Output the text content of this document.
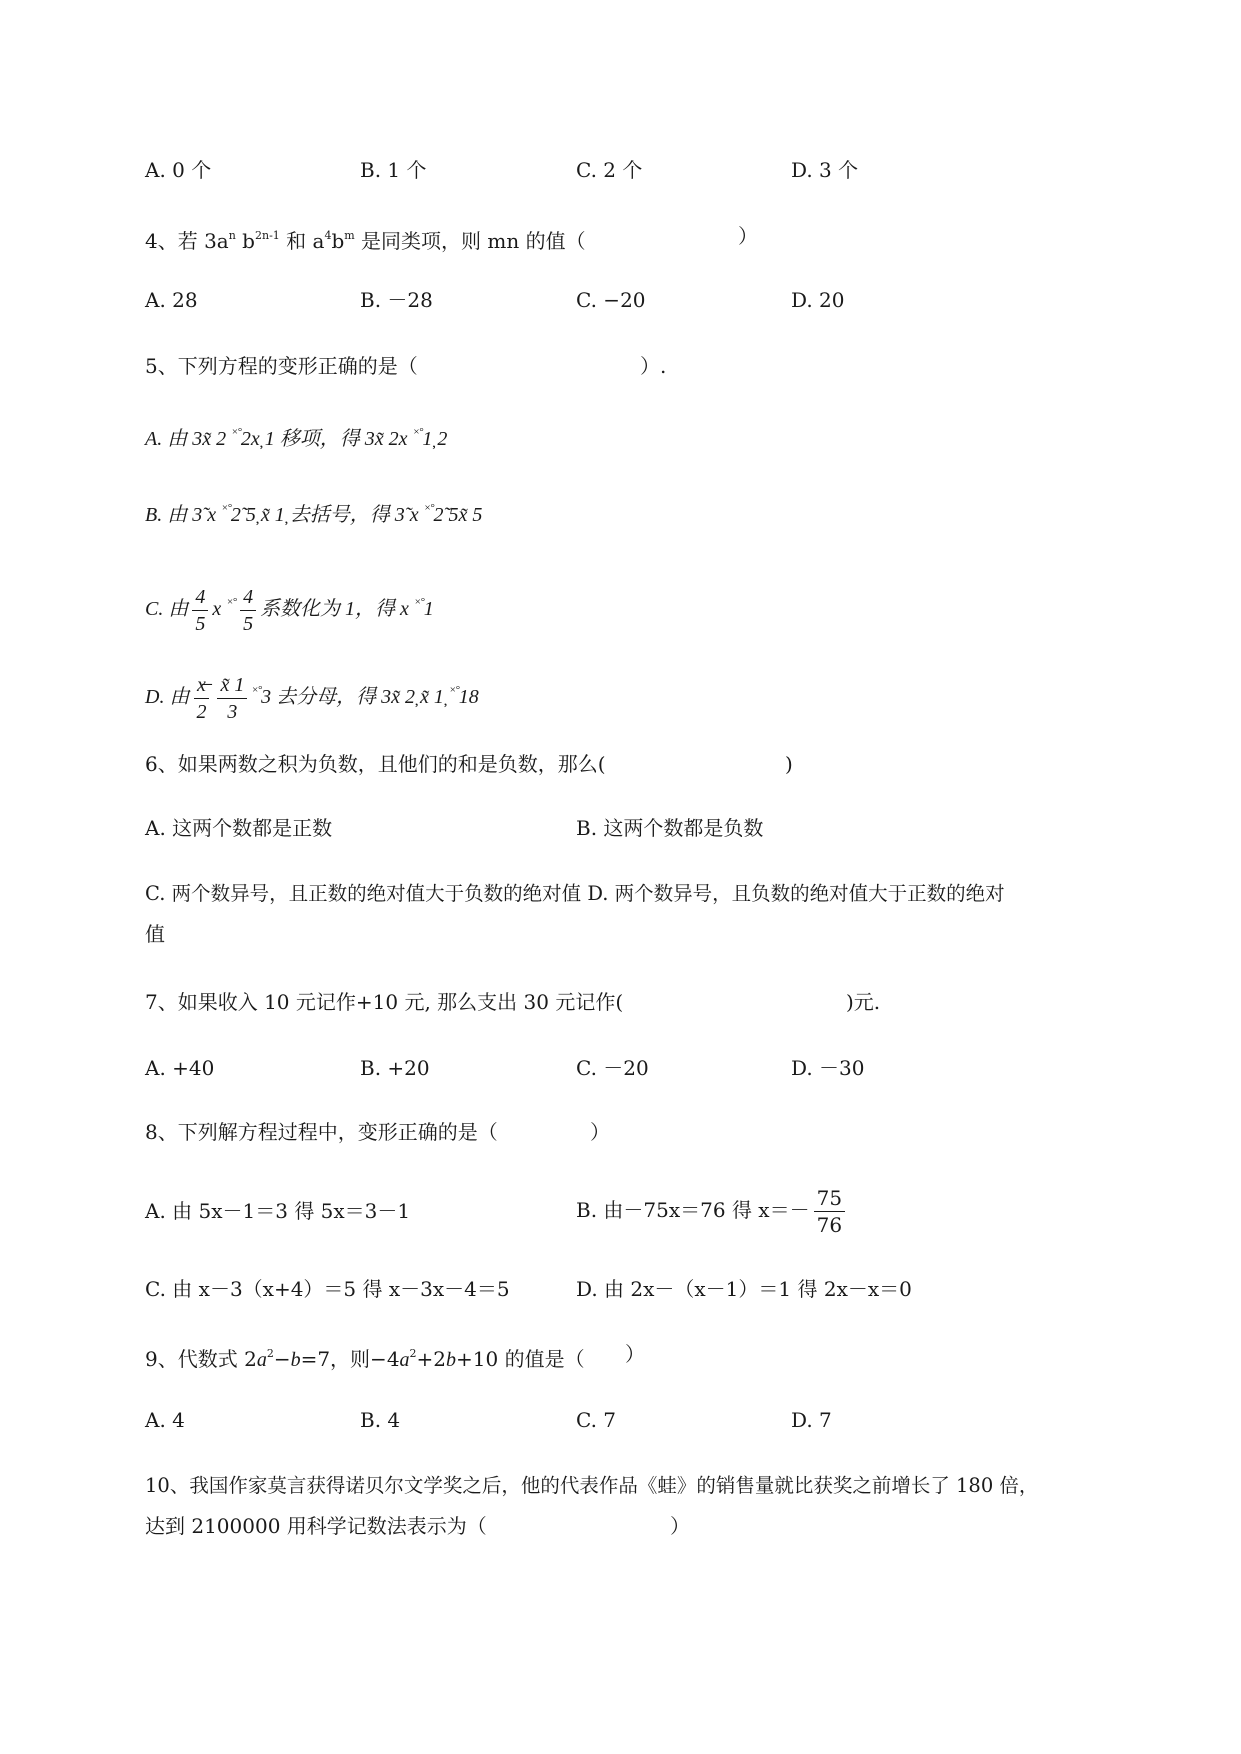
A. 0 个	B. 1 个	C. 2 个	D. 3 个
4、若 $3a^n$ $b^{2n-1}$ 和 $a^4b^m$ 是同类项，则 mn 的值（	）
A. 28	B. －28	C. −20	D. 20
5、下列方程的变形正确的是（	）.
A. 由 3x̃ 2 ×°2x̦ 1 移项，得 3x̃ 2x ×°1̦ 2
B. 由 3̃ x ×°2̃ 5̦ x̃ 1̦ 去括号，得 3̃ x ×°2̃ 5x̃ 5
C. 由 $\frac{4}{5}$ x $^{\times^\circ} \frac{4}{5}$ 系数化为 1，得 x ×°1
D. 由 $\frac{x̶}{2} \frac{x̃ 1}{3} ^{\times^\circ}3$ 去分母，得 3x̃ 2̦ x̃ 1̦ ×°18
6、如果两数之积为负数，且他们的和是负数，那么(	)
A. 这两个数都是正数	B. 这两个数都是负数
C. 两个数异号，且正数的绝对值大于负数的绝对值 D. 两个数异号，且负数的绝对值大于正数的绝对
值
7、如果收入 10 元记作+10 元, 那么支出 30 元记作(	)元.
A. +40	B. +20	C. －20	D. －30
8、下列解方程过程中，变形正确的是（	）
A. 由 5x－1＝3 得 5x＝3－1	B. 由－75x＝76 得 $x=- \frac{75}{76}$
C. 由 x－3（x+4）＝5 得 x－3x－4＝5	D. 由 2x－（x－1）＝1 得 2x－x＝0
9、代数式 $2a^2-b=7$，则$-4a^2+2b+10$ 的值是（ ）
A. 4	B. 4	C. 7	D. 7
10、我国作家莫言获得诺贝尔文学奖之后，他的代表作品《蛙》的销售量就比获奖之前增长了 180 倍，
达到 2100000 用科学记数法表示为（	）
